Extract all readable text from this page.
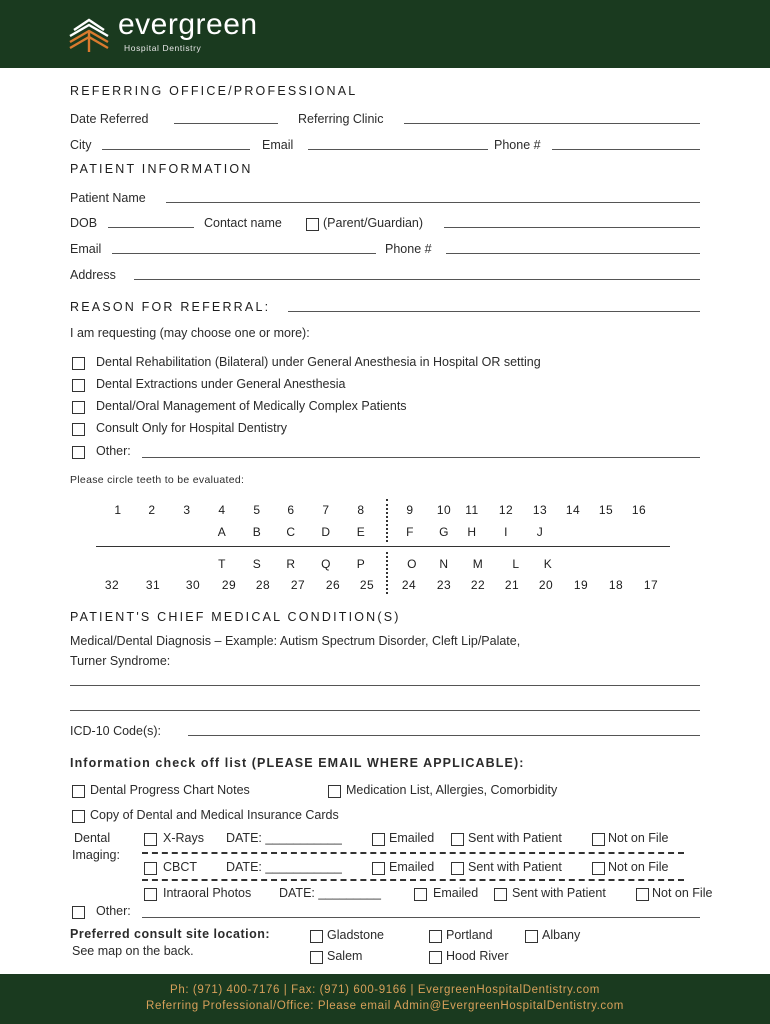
evergreen
Hospital Dentistry
REFERRING OFFICE/PROFESSIONAL
Date Referred	Referring Clinic
City	Email	Phone #
PATIENT INFORMATION
Patient Name
DOB	Contact name	(Parent/Guardian)
Email	Phone #
Address
REASON FOR REFERRAL:
I am requesting (may choose one or more):
Dental Rehabilitation (Bilateral) under General Anesthesia in Hospital OR setting
Dental Extractions under General Anesthesia
Dental/Oral Management of Medically Complex Patients
Consult Only for Hospital Dentistry
Other:
Please circle teeth to be evaluated:
1	2	3	4	5	6	7	8	9	10	11	12	13	14	15	16
A	B	C	D	E	F	G	H	I	J
T	S	R	Q	P	O	N	M	L	K
32	31	30	29	28	27	26	25	24	23	22	21	20	19	18	17
PATIENT'S CHIEF MEDICAL CONDITION(S)
Medical/Dental Diagnosis – Example: Autism Spectrum Disorder, Cleft Lip/Palate,
Turner Syndrome:
ICD-10 Code(s):
Information check off list (PLEASE EMAIL WHERE APPLICABLE):
Dental Progress Chart Notes	Medication List, Allergies, Comorbidity
Copy of Dental and Medical Insurance Cards
Dental
Imaging:
X-Rays DATE: ___________	Emailed	Sent with Patient	Not on File
CBCT DATE: ___________	Emailed	Sent with Patient	Not on File
Intraoral Photos DATE: _________	Emailed	Sent with Patient	Not on File
Other:
Preferred consult site location:
See map on the back.
Gladstone
Salem
Portland
Hood River
Albany
Ph: (971) 400-7176 | Fax: (971) 600-9166 | EvergreenHospitalDentistry.com
Referring Professional/Office: Please email Admin@EvergreenHospitalDentistry.com
